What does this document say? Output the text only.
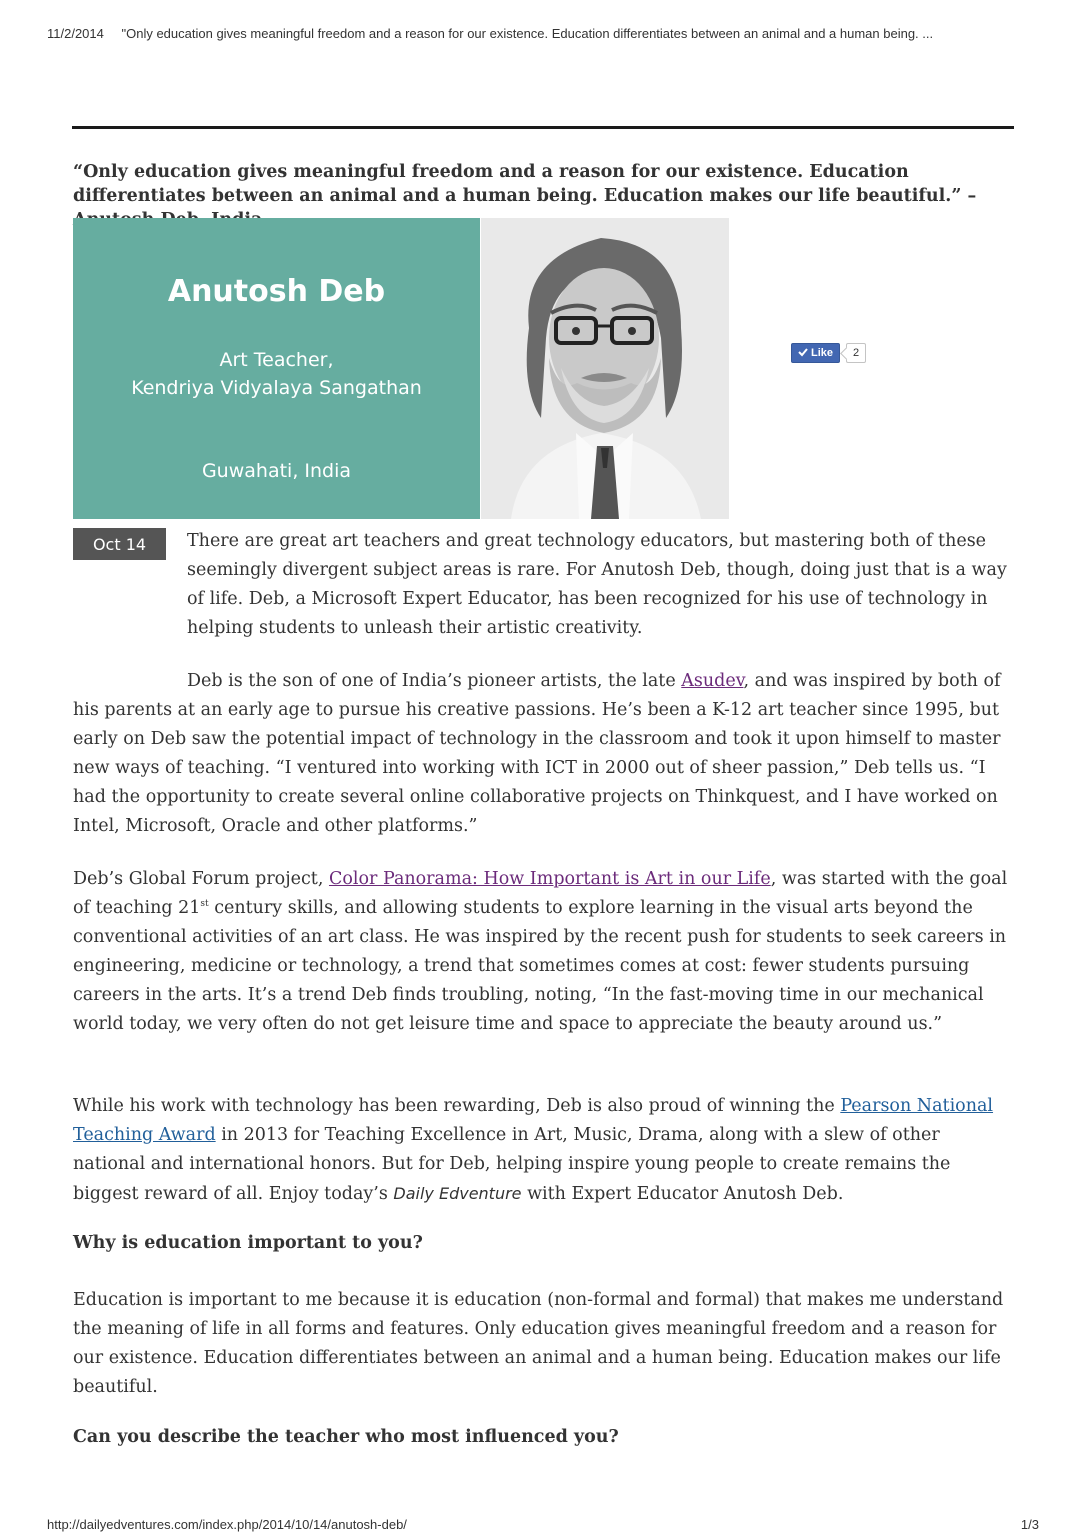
11/2/2014 "Only education gives meaningful freedom and a reason for our existence. Education differentiates between an animal and a human being. ...
“Only education gives meaningful freedom and a reason for our existence. Education differentiates between an animal and a human being. Education makes our life beautiful.” –
Anutosh Deb
Art Teacher,
Kendriya Vidyalaya Sangathan
Guwahati, India
Like	2
Oct 14	There are great art teachers and great technology educators, but mastering both of these seemingly divergent subject areas is rare. For Anutosh Deb, though, doing just that is a way of life. Deb, a Microsoft Expert Educator, has been recognized for his use of technology in helping students to unleash their artistic creativity.

Deb is the son of one of India’s pioneer artists, the late Asudev, and was inspired by both of his parents at an early age to pursue his creative passions. He’s been a K-12 art teacher since 1995, but early on Deb saw the potential impact of technology in the classroom and took it upon himself to master new ways of teaching. “I ventured into working with ICT in 2000 out of sheer passion,” Deb tells us. “I had the opportunity to create several online collaborative projects on Thinkquest, and I have worked on Intel, Microsoft, Oracle and other platforms.”

Deb’s Global Forum project, Color Panorama: How Important is Art in our Life, was started with the goal of teaching 21st century skills, and allowing students to explore learning in the visual arts beyond the conventional activities of an art class. He was inspired by the recent push for students to seek careers in engineering, medicine or technology, a trend that sometimes comes at cost: fewer students pursuing careers in the arts. It’s a trend Deb finds troubling, noting, “In the fast-moving time in our mechanical world today, we very often do not get leisure time and space to appreciate the beauty around us.”

While his work with technology has been rewarding, Deb is also proud of winning the Pearson National Teaching Award in 2013 for Teaching Excellence in Art, Music, Drama, along with a slew of other national and international honors. But for Deb, helping inspire young people to create remains the biggest reward of all. Enjoy today’s Daily Edventure with Expert Educator Anutosh Deb.

Why is education important to you?

Education is important to me because it is education (non-formal and formal) that makes me understand the meaning of life in all forms and features. Only education gives meaningful freedom and a reason for our existence. Education differentiates between an animal and a human being. Education makes our life beautiful.

Can you describe the teacher who most influenced you?
http://dailyedventures.com/index.php/2014/10/14/anutosh-deb/	1/3
